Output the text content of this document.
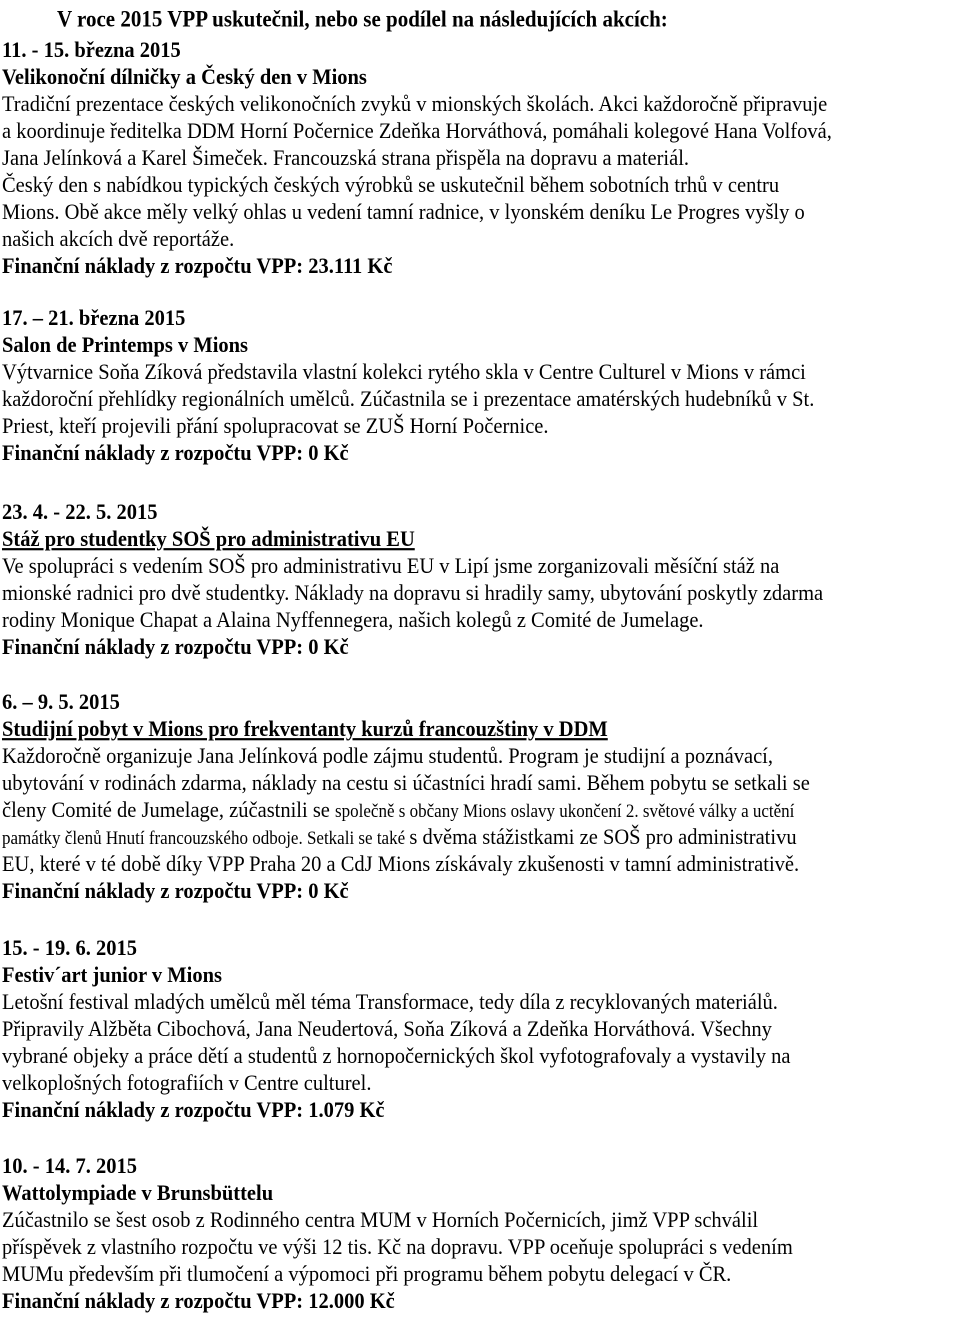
V roce 2015 VPP uskutečnil, nebo se podílel na následujících akcích:
11. - 15. března 2015
Velikonoční dílničky a Český den v Mions
Tradiční prezentace českých velikonočních zvyků v mionských školách. Akci každoročně připravuje
a koordinuje ředitelka DDM Horní Počernice Zdeňka Horváthová, pomáhali kolegové Hana Volfová,
Jana Jelínková a Karel Šimeček. Francouzská strana přispěla na dopravu a materiál.
Český den s nabídkou typických českých výrobků se uskutečnil během sobotních trhů v centru
Mions. Obě akce měly velký ohlas u vedení tamní radnice, v lyonském deníku Le Progres vyšly o
našich akcích dvě reportáže.
Finanční náklady z rozpočtu VPP: 23.111 Kč
17. – 21. března 2015
Salon de Printemps v Mions
Výtvarnice Soňa Zíková představila vlastní kolekci rytého skla v Centre Culturel v Mions v rámci
každoroční přehlídky regionálních umělců. Zúčastnila se i prezentace amatérských hudebníků v St.
Priest, kteří projevili přání spolupracovat se ZUŠ Horní Počernice.
Finanční náklady z rozpočtu VPP: 0 Kč
23. 4. - 22. 5. 2015
Stáž pro studentky SOŠ pro administrativu EU
Ve spolupráci s vedením SOŠ pro administrativu EU v Lipí jsme zorganizovali měsíční stáž na
mionské radnici pro dvě studentky. Náklady na dopravu si hradily samy, ubytování poskytly zdarma
rodiny Monique Chapat a Alaina Nyffennegera, našich kolegů z Comité de Jumelage.
Finanční náklady z rozpočtu VPP: 0 Kč
6. – 9. 5. 2015
Studijní pobyt v Mions pro frekventanty kurzů francouzštiny v DDM
Každoročně organizuje Jana Jelínková podle zájmu studentů. Program je studijní a poznávací,
ubytování v rodinách zdarma, náklady na cestu si účastníci hradí sami. Během pobytu se setkali se
členy Comité de Jumelage, zúčastnili se společně s občany Mions oslavy ukončení 2. světové války a uctění
památky členů Hnutí francouzského odboje. Setkali se také s dvěma stážistkami ze SOŠ pro administrativu
EU, které v té době díky VPP Praha 20 a CdJ Mions získávaly zkušenosti v tamní administrativě.
Finanční náklady z rozpočtu VPP: 0 Kč
15. - 19. 6. 2015
Festiv´art junior v Mions
Letošní festival mladých umělců měl téma Transformace, tedy díla z recyklovaných materiálů.
Připravily Alžběta Cibochová, Jana Neudertová, Soňa Zíková a Zdeňka Horváthová. Všechny
vybrané objeky a práce dětí a studentů z hornopočernických škol vyfotografovaly a vystavily na
velkoplošných fotografiích v Centre culturel.
Finanční náklady z rozpočtu VPP: 1.079 Kč
10. - 14. 7. 2015
Wattolympiade v Brunsbüttelu
Zúčastnilo se šest osob z Rodinného centra MUM v Horních Počernicích, jimž VPP schválil
příspěvek z vlastního rozpočtu ve výši 12 tis. Kč na dopravu. VPP oceňuje spolupráci s vedením
MUMu především při tlumočení a výpomoci při programu během pobytu delegací v ČR.
Finanční náklady z rozpočtu VPP: 12.000 Kč
